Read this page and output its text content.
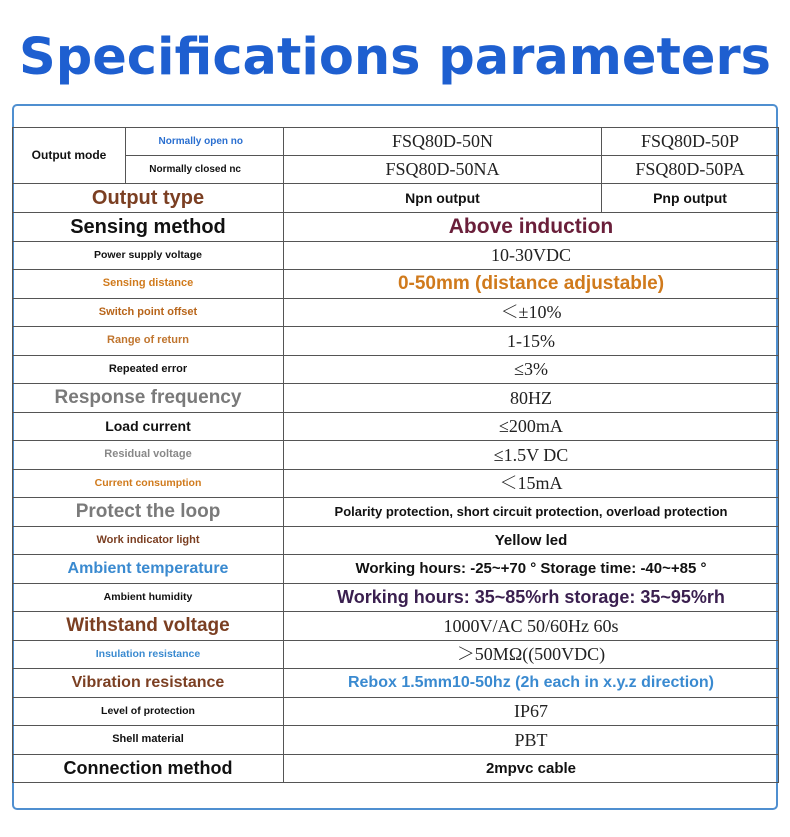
Specifications parameters
Output mode	Normally open no	FSQ80D-50N	FSQ80D-50P
	Normally closed nc	FSQ80D-50NA	FSQ80D-50PA
Output type		Npn output	Pnp output
Sensing method		Above induction	
Power supply voltage		10-30VDC	
Sensing distance		0-50mm (distance adjustable)	
Switch point offset		＜±10%	
Range of return		1-15%	
Repeated error		≤3%	
Response frequency		80HZ	
Load current		≤200mA	
Residual voltage		≤1.5V DC	
Current consumption		＜15mA	
Protect the loop		Polarity protection, short circuit protection, overload protection	
Work indicator light		Yellow led	
Ambient temperature		Working hours: -25~+70 ° Storage time: -40~+85 °	
Ambient humidity		Working hours: 35~85%rh storage: 35~95%rh	
Withstand voltage		1000V/AC 50/60Hz 60s	
Insulation resistance		＞50MΩ((500VDC)	
Vibration resistance		Rebox 1.5mm10-50hz (2h each in x.y.z direction)	
Level of protection		IP67	
Shell material		PBT	
Connection method		2mpvc cable	
